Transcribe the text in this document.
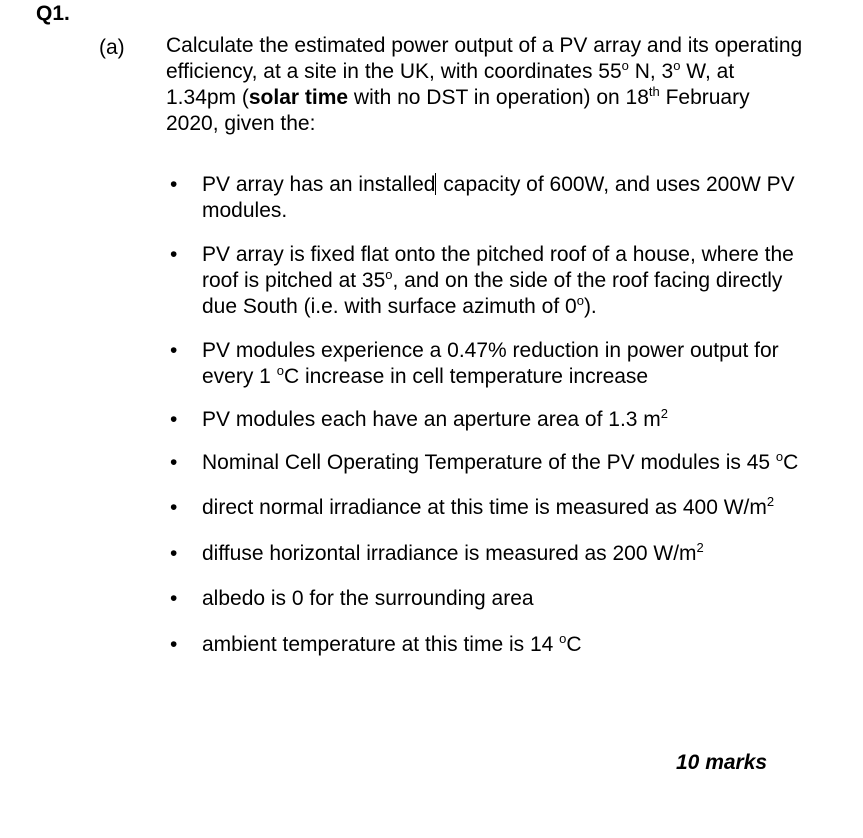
Q1.
(a) Calculate the estimated power output of a PV array and its operating efficiency, at a site in the UK, with coordinates 55$^o$ N, 3$^o$ W, at 1.34pm (solar time with no DST in operation) on 18th February 2020, given the:
• PV array has an installed capacity of 600W, and uses 200W PV modules.
• PV array is fixed flat onto the pitched roof of a house, where the roof is pitched at 35$^o$, and on the side of the roof facing directly due South (i.e. with surface azimuth of 0$^o$).
• PV modules experience a 0.47% reduction in power output for every 1 $^o$C increase in cell temperature increase
• PV modules each have an aperture area of 1.3 $m^2$
• Nominal Cell Operating Temperature of the PV modules is 45 $^o$C
• direct normal irradiance at this time is measured as 400 $W/m^2$
• diffuse horizontal irradiance is measured as 200 $W/m^2$
• albedo is 0 for the surrounding area
• ambient temperature at this time is 14 $^o$C
10 marks
